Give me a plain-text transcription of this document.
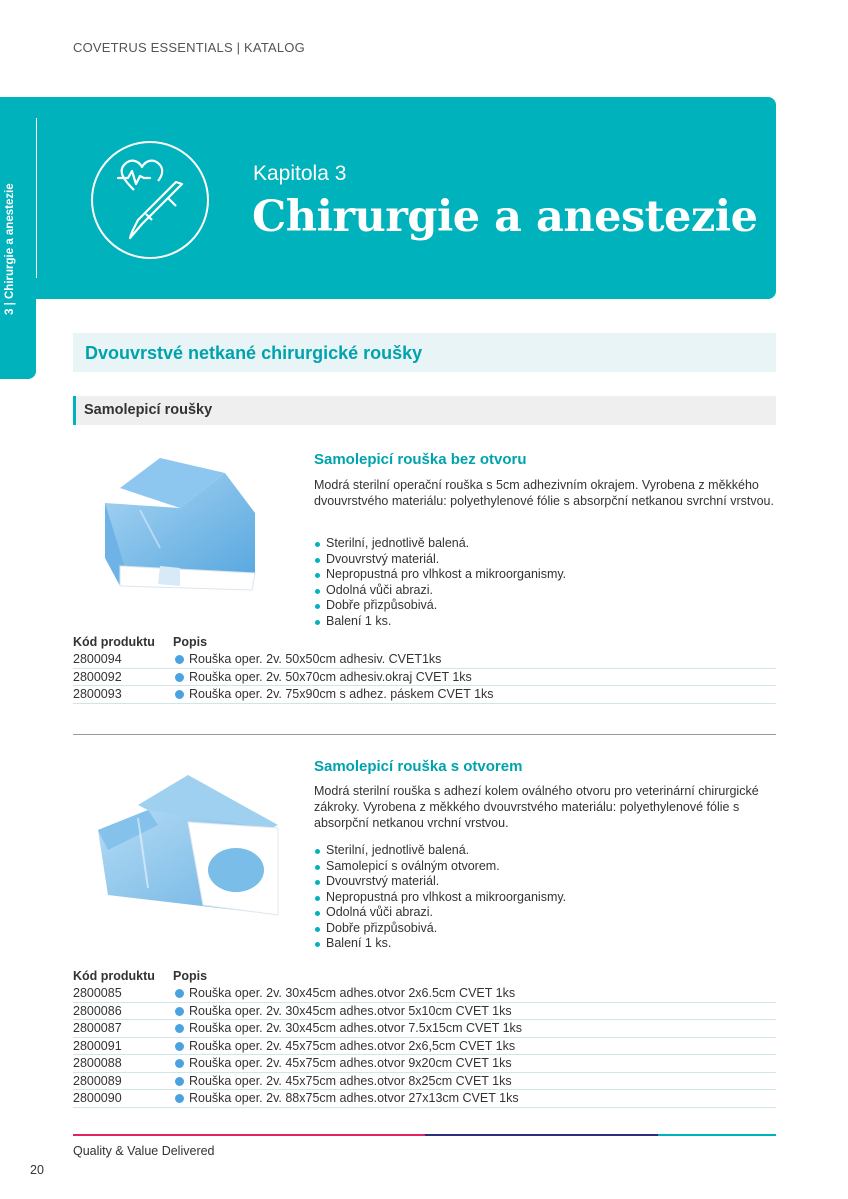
COVETRUS ESSENTIALS | KATALOG
3 | Chirurgie a anestezie
Kapitola 3
Chirurgie a anestezie
Dvouvrstvé netkané chirurgické roušky
Samolepicí roušky
Samolepicí rouška bez otvoru
Modrá sterilní operační rouška s 5cm adhezivním okrajem. Vyrobena z měkkého dvouvrstvého materiálu: polyethylenové fólie s absorpční netkanou svrchní vrstvou.
Sterilní, jednotlivě balená.
Dvouvrstvý materiál.
Nepropustná pro vlhkost a mikroorganismy.
Odolná vůči abrazi.
Dobře přizpůsobivá.
Balení 1 ks.
Kód produktu Popis
2800094	Rouška oper. 2v. 50x50cm adhesiv. CVET1ks
2800092	Rouška oper. 2v. 50x70cm adhesiv.okraj CVET 1ks
2800093	Rouška oper. 2v. 75x90cm s adhez. páskem CVET 1ks
Samolepicí rouška s otvorem
Modrá sterilní rouška s adhezí kolem oválného otvoru pro veterinární chirurgické zákroky. Vyrobena z měkkého dvouvrstvého materiálu: polyethylenové fólie s absorpční netkanou vrchní vrstvou.
Sterilní, jednotlivě balená.
Samolepicí s oválným otvorem.
Dvouvrstvý materiál.
Nepropustná pro vlhkost a mikroorganismy.
Odolná vůči abrazi.
Dobře přizpůsobivá.
Balení 1 ks.
Kód produktu Popis
2800085	Rouška oper. 2v. 30x45cm adhes.otvor 2x6.5cm CVET 1ks
2800086	Rouška oper. 2v. 30x45cm adhes.otvor 5x10cm CVET 1ks
2800087	Rouška oper. 2v. 30x45cm adhes.otvor 7.5x15cm CVET 1ks
2800091	Rouška oper. 2v. 45x75cm adhes.otvor 2x6,5cm CVET 1ks
2800088	Rouška oper. 2v. 45x75cm adhes.otvor 9x20cm CVET 1ks
2800089	Rouška oper. 2v. 45x75cm adhes.otvor 8x25cm CVET 1ks
2800090	Rouška oper. 2v. 88x75cm adhes.otvor 27x13cm CVET 1ks
Quality & Value Delivered
20
